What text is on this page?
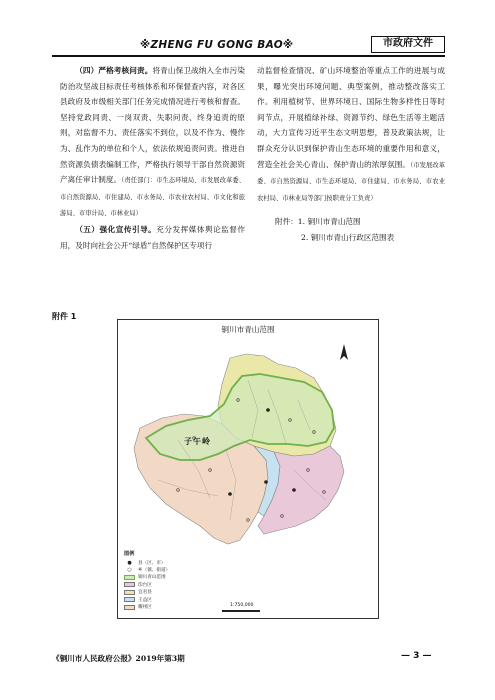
※ZHENG FU GONG BAO※	市政府文件

（四）严格考核问责。将青山保卫战纳入全市污染防治攻坚战目标责任考核体系和环保督查内容，对各区县政府及市级相关部门任务完成情况进行考核和督查。坚持党政同责、一岗双责、失职问责、终身追责的原则，对监督不力、责任落实不到位，以及不作为、慢作为、乱作为的单位和个人，依法依规追责问责。推进自然资源负债表编制工作，严格执行领导干部自然资源资产离任审计制度。（责任部门：市生态环境局、市发展改革委、市自然资源局、市住建局、市水务局、市农业农村局、市文化和旅游局、市审计局、市林业局）

（五）强化宣传引导。充分发挥媒体舆论监督作用，及时向社会公开“绿盾”自然保护区专项行

动监督检查情况、矿山环境整治等重点工作的进展与成果，曝光突出环境问题、典型案例，推动整改落实工作。利用植树节、世界环境日、国际生物多样性日等时间节点，开展植绿补绿、资源节约、绿色生活等主题活动，大力宣传习近平生态文明思想，普及政策法规，让群众充分认识到保护青山生态环境的重要作用和意义，营造全社会关心青山、保护青山的浓厚氛围。（市发展改革委、市自然资源局、市生态环境局、市住建局、市水务局、市农业农村局、市林业局等部门按职责分工负责）

附件：1. 铜川市青山范围
2. 铜川市青山行政区范围表
附件 1
铜川市青山范围
子午岭
图例
●	县（区、市）
○	乡（镇、街道）
铜川青山范围
印台区
宜君县
王益区
耀州区	1:750,000
《铜川市人民政府公报》2019年第3期	— 3 —
